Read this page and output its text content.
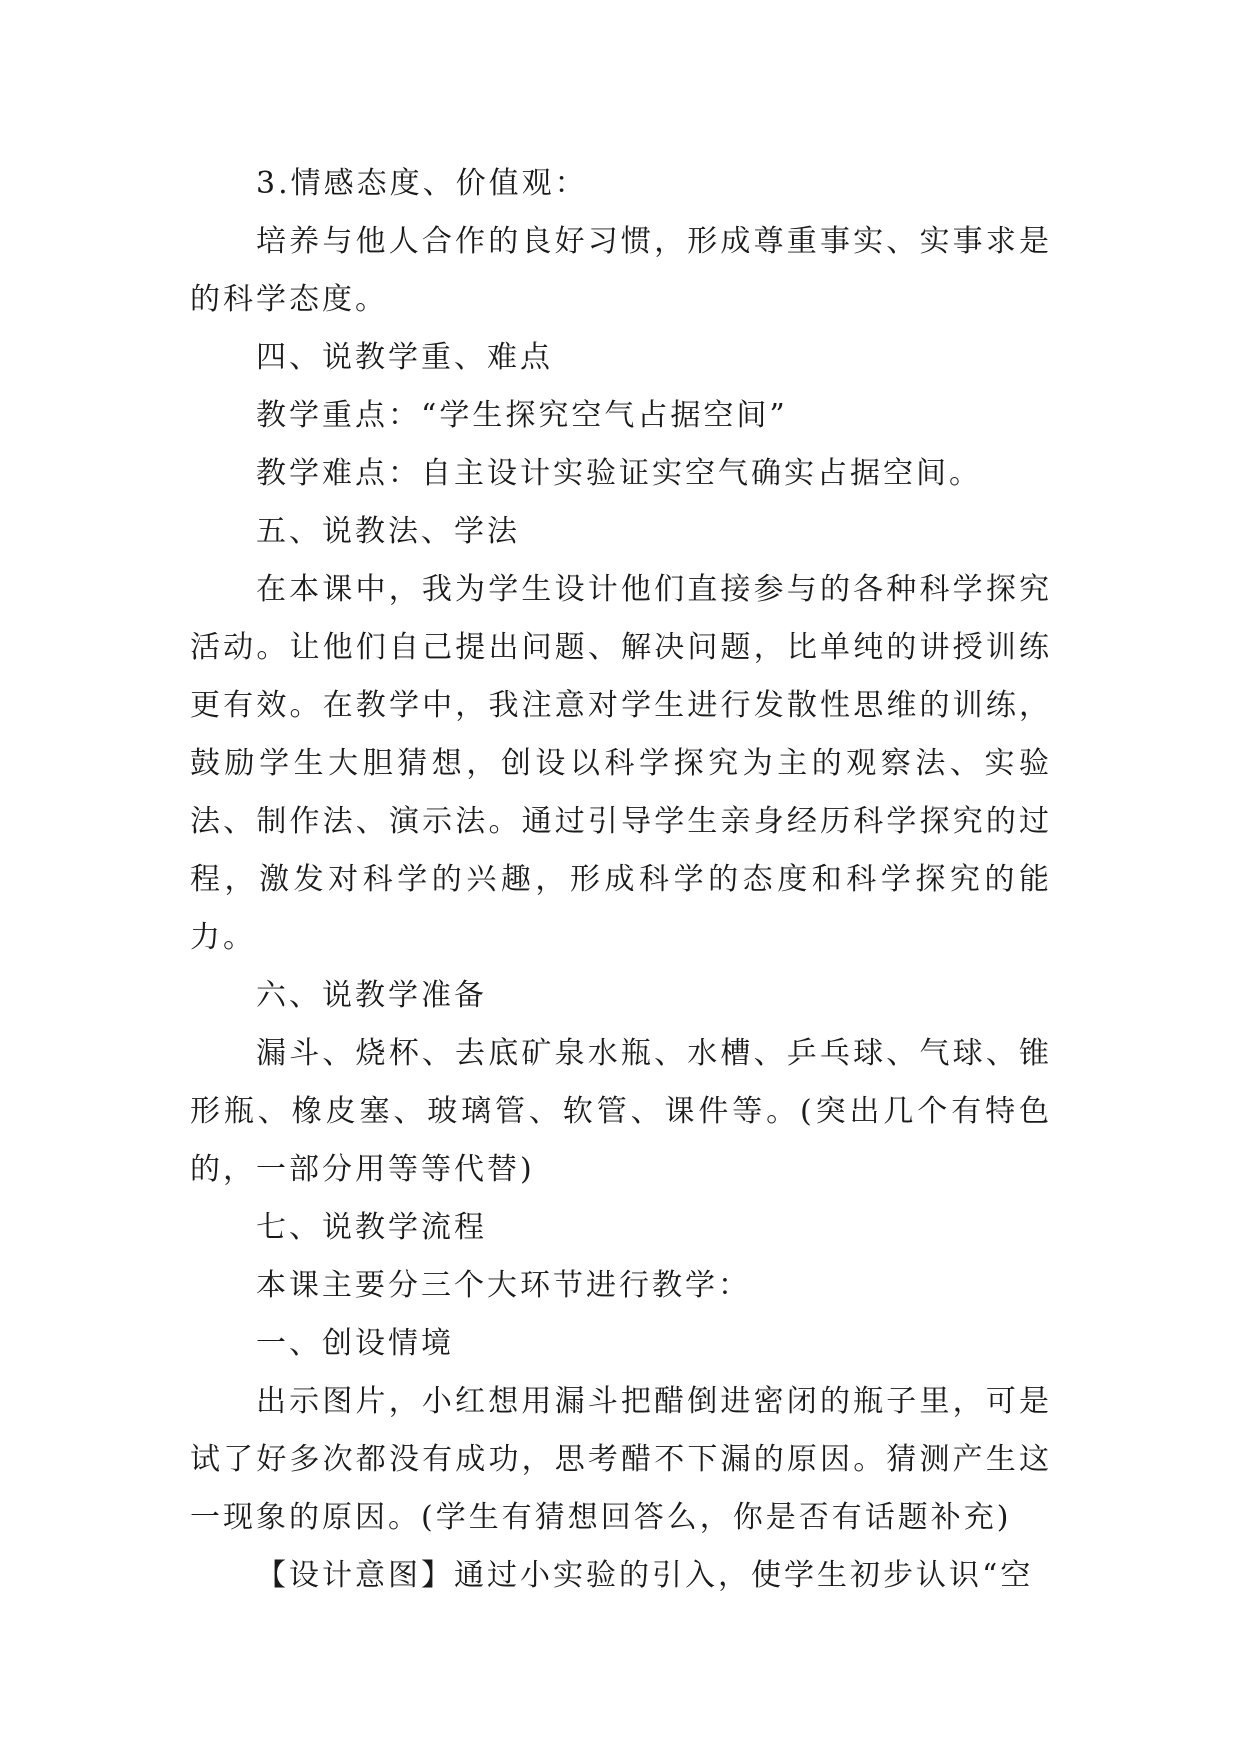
3.情感态度、价值观：

培养与他人合作的良好习惯，形成尊重事实、实事求是的科学态度。

四、说教学重、难点

教学重点：“学生探究空气占据空间”

教学难点：自主设计实验证实空气确实占据空间。

五、说教法、学法

在本课中，我为学生设计他们直接参与的各种科学探究活动。让他们自己提出问题、解决问题，比单纯的讲授训练更有效。在教学中，我注意对学生进行发散性思维的训练，鼓励学生大胆猜想，创设以科学探究为主的观察法、实验法、制作法、演示法。通过引导学生亲身经历科学探究的过程，激发对科学的兴趣，形成科学的态度和科学探究的能力。

六、说教学准备

漏斗、烧杯、去底矿泉水瓶、水槽、乒乓球、气球、锥形瓶、橡皮塞、玻璃管、软管、课件等。(突出几个有特色的，一部分用等等代替)

七、说教学流程

本课主要分三个大环节进行教学：

一、创设情境

出示图片，小红想用漏斗把醋倒进密闭的瓶子里，可是试了好多次都没有成功，思考醋不下漏的原因。猜测产生这一现象的原因。(学生有猜想回答么，你是否有话题补充)

【设计意图】通过小实验的引入，使学生初步认识“空
